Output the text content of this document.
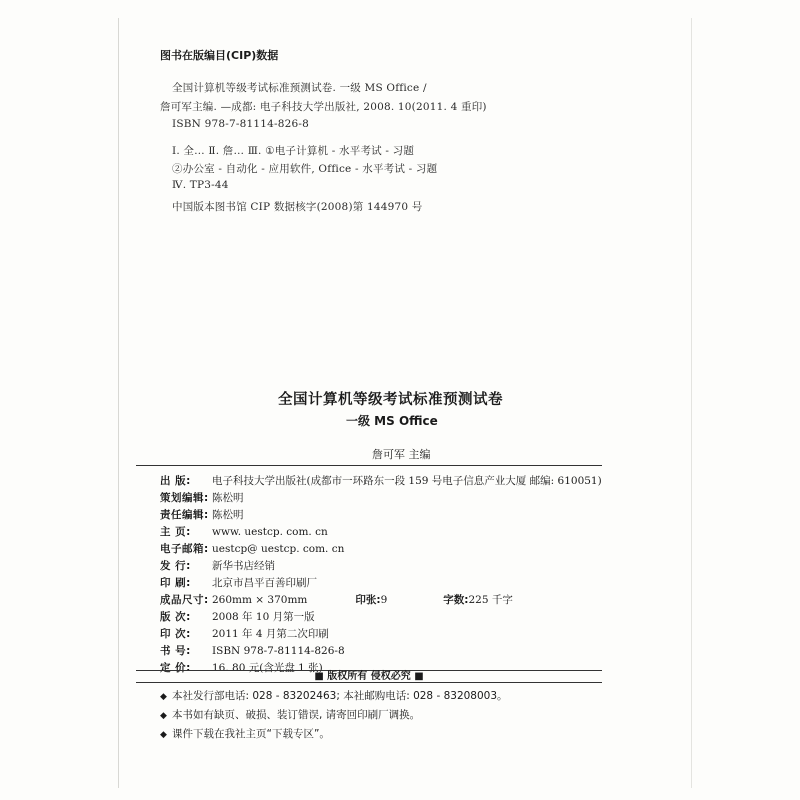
图书在版编目(CIP)数据
全国计算机等级考试标准预测试卷. 一级 MS Office /
詹可军主编. —成都: 电子科技大学出版社, 2008. 10(2011. 4 重印)
ISBN 978-7-81114-826-8
Ⅰ. 全… Ⅱ. 詹… Ⅲ. ①电子计算机 - 水平考试 - 习题
②办公室 - 自动化 - 应用软件, Office - 水平考试 - 习题
Ⅳ. TP3-44
中国版本图书馆 CIP 数据核字(2008)第 144970 号
全国计算机等级考试标准预测试卷
一级 MS Office
詹可军 主编
出 版: 电子科技大学出版社(成都市一环路东一段 159 号电子信息产业大厦 邮编: 610051)
策划编辑: 陈松明
责任编辑: 陈松明
主 页: www. uestcp. com. cn
电子邮箱: uestcp@ uestcp. com. cn
发 行: 新华书店经销
印 刷: 北京市昌平百善印刷厂
成品尺寸: 260mm × 370mm	印张:9	字数:225 千字
版 次: 2008 年 10 月第一版
印 次: 2011 年 4 月第二次印刷
书 号: ISBN 978-7-81114-826-8
定 价: 16. 80 元(含光盘 1 张)
■ 版权所有 侵权必究 ■
◆ 本社发行部电话: 028 - 83202463; 本社邮购电话: 028 - 83208003。
◆ 本书如有缺页、破损、装订错误, 请寄回印刷厂调换。
◆ 课件下载在我社主页“下载专区”。
